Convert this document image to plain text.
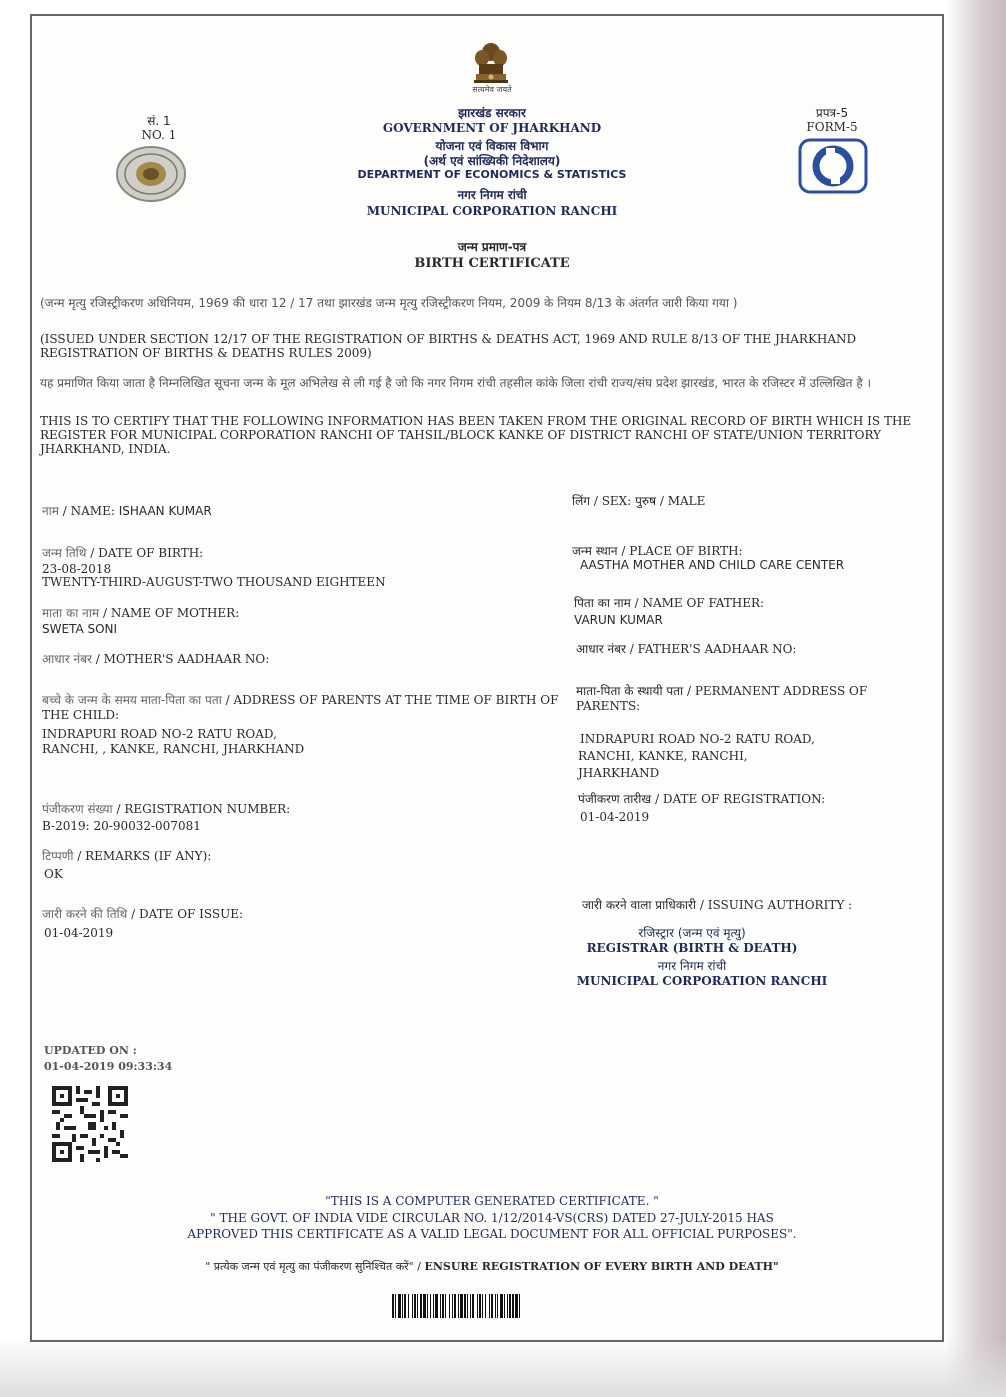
सत्यमेव जयते
सं. 1
NO. 1
झारखंड सरकार
GOVERNMENT OF JHARKHAND
योजना एवं विकास विभाग
(अर्थ एवं सांख्यिकी निदेशालय)
DEPARTMENT OF ECONOMICS & STATISTICS
नगर निगम रांची
MUNICIPAL CORPORATION RANCHI
प्रपत्र-5
FORM-5
जन्म प्रमाण-पत्र
BIRTH CERTIFICATE
(जन्म मृत्यु रजिस्ट्रीकरण अधिनियम, 1969 की धारा 12 / 17 तथा झारखंड जन्म मृत्यु रजिस्ट्रीकरण नियम, 2009 के नियम 8/13 के अंतर्गत जारी किया गया )
(ISSUED UNDER SECTION 12/17 OF THE REGISTRATION OF BIRTHS & DEATHS ACT, 1969 AND RULE 8/13 OF THE JHARKHAND REGISTRATION OF BIRTHS & DEATHS RULES 2009)
यह प्रमाणित किया जाता है निम्नलिखित सूचना जन्म के मूल अभिलेख से ली गई है जो कि नगर निगम रांची तहसील कांके जिला रांची राज्य/संघ प्रदेश झारखंड, भारत के रजिस्टर में उल्लिखित है ।
THIS IS TO CERTIFY THAT THE FOLLOWING INFORMATION HAS BEEN TAKEN FROM THE ORIGINAL RECORD OF BIRTH WHICH IS THE REGISTER FOR MUNICIPAL CORPORATION RANCHI OF TAHSIL/BLOCK KANKE OF DISTRICT RANCHI OF STATE/UNION TERRITORY JHARKHAND, INDIA.
नाम / NAME: ISHAAN KUMAR
लिंग / SEX: पुरुष / MALE
जन्म तिथि / DATE OF BIRTH:
23-08-2018
TWENTY-THIRD-AUGUST-TWO THOUSAND EIGHTEEN
जन्म स्थान / PLACE OF BIRTH:
AASTHA MOTHER AND CHILD CARE CENTER
माता का नाम / NAME OF MOTHER:
SWETA SONI
पिता का नाम / NAME OF FATHER:
VARUN KUMAR
आधार नंबर / MOTHER'S AADHAAR NO:
आधार नंबर / FATHER'S AADHAAR NO:
बच्चे के जन्म के समय माता-पिता का पता / ADDRESS OF PARENTS AT THE TIME OF BIRTH OF THE CHILD:
INDRAPURI ROAD NO-2 RATU ROAD,
RANCHI, , KANKE, RANCHI, JHARKHAND
माता-पिता के स्थायी पता / PERMANENT ADDRESS OF PARENTS:
INDRAPURI ROAD NO-2 RATU ROAD,
RANCHI, KANKE, RANCHI,
JHARKHAND
पंजीकरण संख्या / REGISTRATION NUMBER:
B-2019: 20-90032-007081
पंजीकरण तारीख / DATE OF REGISTRATION:
01-04-2019
टिप्पणी / REMARKS (IF ANY):
OK
जारी करने वाला प्राधिकारी / ISSUING AUTHORITY :
जारी करने की तिथि / DATE OF ISSUE:
01-04-2019	रजिस्ट्रार (जन्म एवं मृत्यु)
REGISTRAR (BIRTH & DEATH)
नगर निगम रांची
MUNICIPAL CORPORATION RANCHI
UPDATED ON :
01-04-2019 09:33:34
"THIS IS A COMPUTER GENERATED CERTIFICATE. "
" THE GOVT. OF INDIA VIDE CIRCULAR NO. 1/12/2014-VS(CRS) DATED 27-JULY-2015 HAS
APPROVED THIS CERTIFICATE AS A VALID LEGAL DOCUMENT FOR ALL OFFICIAL PURPOSES".
" प्रत्येक जन्म एवं मृत्यु का पंजीकरण सुनिश्चित करें" / ENSURE REGISTRATION OF EVERY BIRTH AND DEATH"
